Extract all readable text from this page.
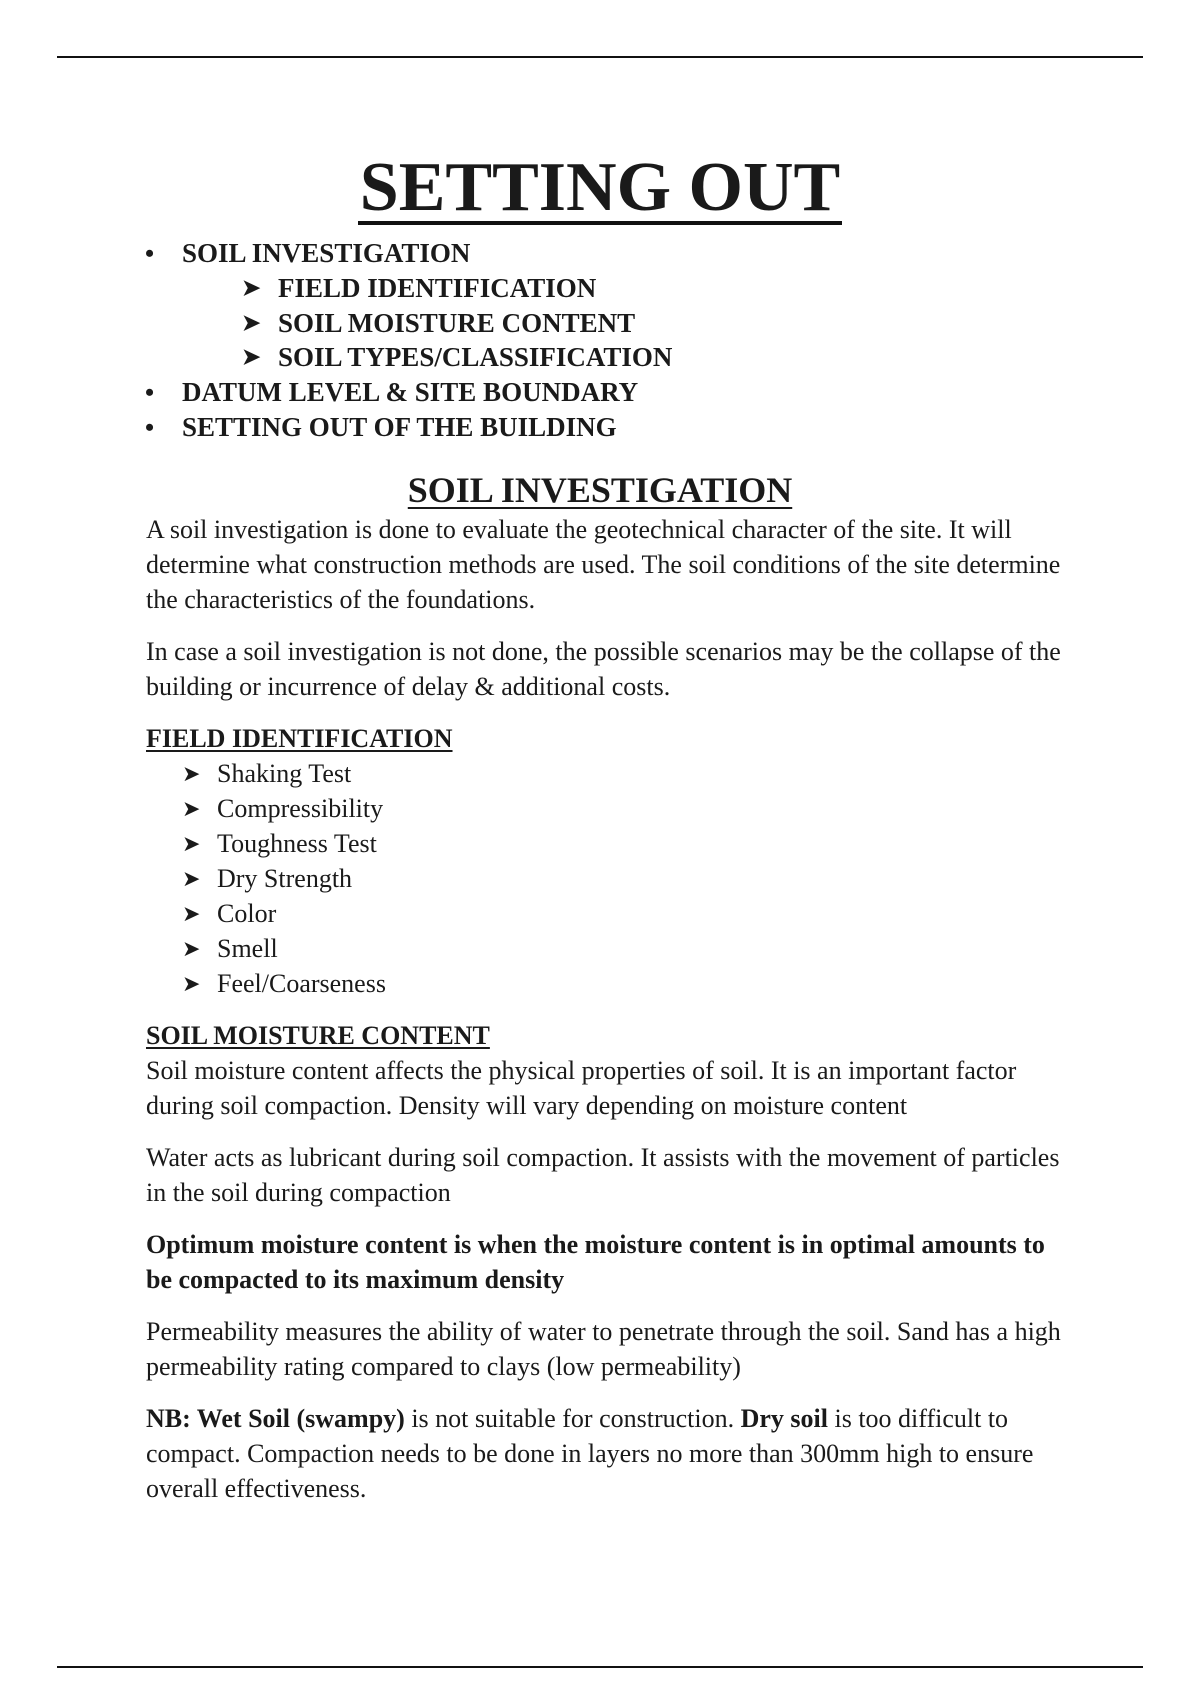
SETTING OUT
• SOIL INVESTIGATION
➤ FIELD IDENTIFICATION
➤ SOIL MOISTURE CONTENT
➤ SOIL TYPES/CLASSIFICATION
• DATUM LEVEL & SITE BOUNDARY
• SETTING OUT OF THE BUILDING
SOIL INVESTIGATION

A soil investigation is done to evaluate the geotechnical character of the site. It will determine what construction methods are used. The soil conditions of the site determine the characteristics of the foundations.

In case a soil investigation is not done, the possible scenarios may be the collapse of the building or incurrence of delay & additional costs.

FIELD IDENTIFICATION

➤ Shaking Test
➤ Compressibility
➤ Toughness Test
➤ Dry Strength
➤ Color
➤ Smell
➤ Feel/Coarseness

SOIL MOISTURE CONTENT

Soil moisture content affects the physical properties of soil. It is an important factor during soil compaction. Density will vary depending on moisture content

Water acts as lubricant during soil compaction. It assists with the movement of particles in the soil during compaction

Optimum moisture content is when the moisture content is in optimal amounts to be compacted to its maximum density

Permeability measures the ability of water to penetrate through the soil. Sand has a high permeability rating compared to clays (low permeability)

NB: Wet Soil (swampy) is not suitable for construction. Dry soil is too difficult to compact. Compaction needs to be done in layers no more than 300mm high to ensure overall effectiveness.
